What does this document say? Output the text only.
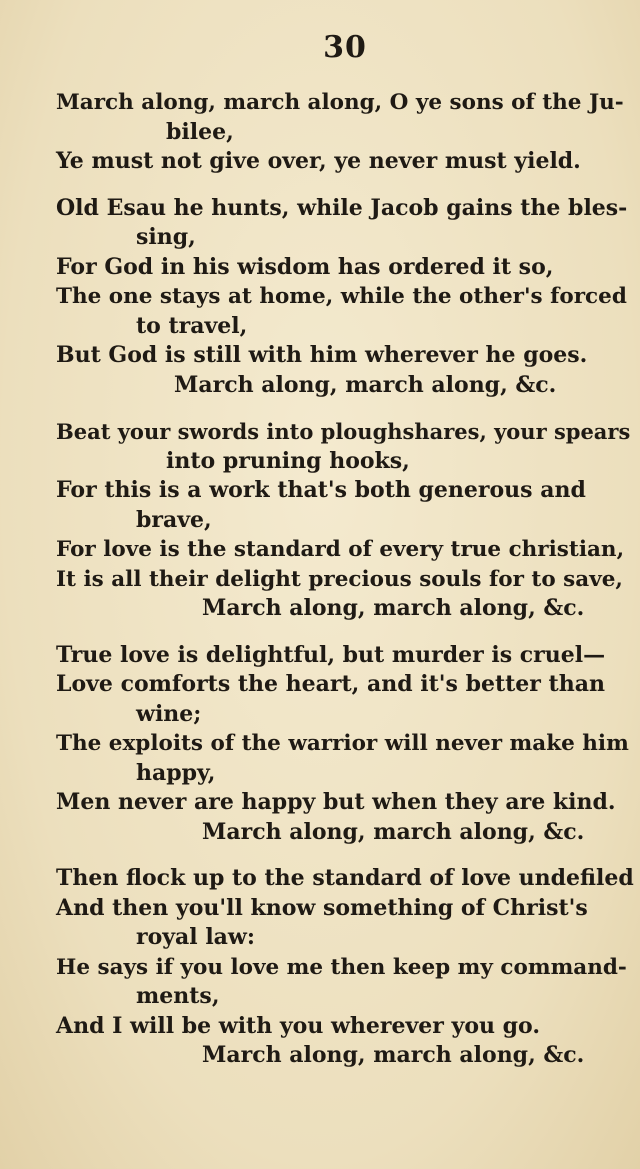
30
March along, march along, O ye sons of the Ju-
bilee,
Ye must not give over, ye never must yield.
Old Esau he hunts, while Jacob gains the bles-
sing,
For God in his wisdom has ordered it so,
The one stays at home, while the other's forced
to travel,
But God is still with him wherever he goes.
March along, march along, &c.
Beat your swords into ploughshares, your spears
into pruning hooks,
For this is a work that's both generous and
brave,
For love is the standard of every true christian,
It is all their delight precious souls for to save,
March along, march along, &c.
True love is delightful, but murder is cruel—
Love comforts the heart, and it's better than
wine;
The exploits of the warrior will never make him
happy,
Men never are happy but when they are kind.
March along, march along, &c.
Then flock up to the standard of love undefiled
And then you'll know something of Christ's
royal law:
He says if you love me then keep my command-
ments,
And I will be with you wherever you go.
March along, march along, &c.
